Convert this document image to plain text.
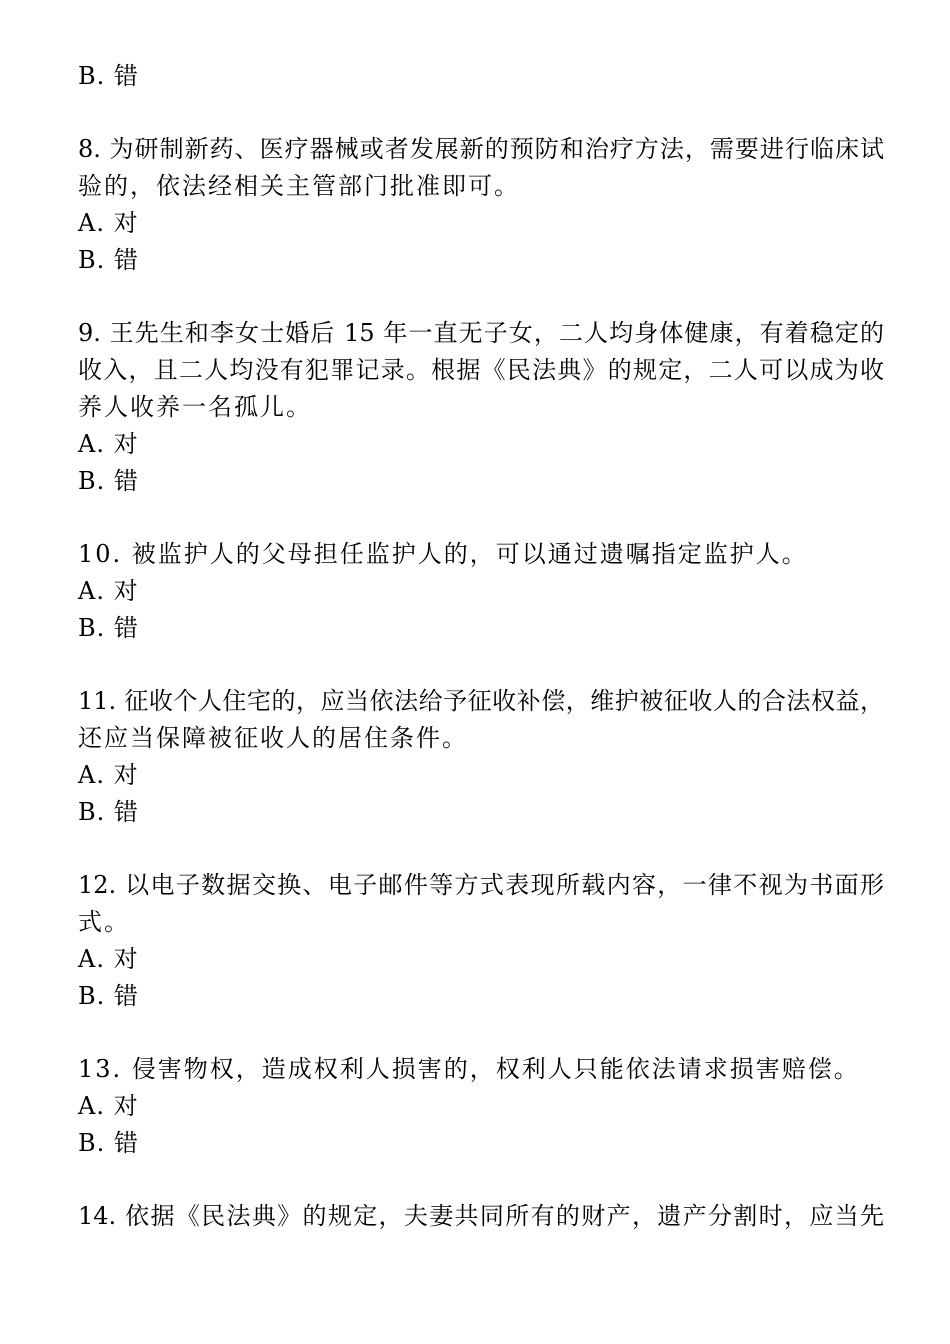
B. 错
8. 为研制新药、医疗器械或者发展新的预防和治疗方法，需要进行临床试
验的，依法经相关主管部门批准即可。
A. 对
B. 错
9. 王先生和李女士婚后 15 年一直无子女，二人均身体健康，有着稳定的
收入，且二人均没有犯罪记录。根据《民法典》的规定，二人可以成为收
养人收养一名孤儿。
A. 对
B. 错
10. 被监护人的父母担任监护人的，可以通过遗嘱指定监护人。
A. 对
B. 错
11. 征收个人住宅的，应当依法给予征收补偿，维护被征收人的合法权益，
还应当保障被征收人的居住条件。
A. 对
B. 错
12. 以电子数据交换、电子邮件等方式表现所载内容，一律不视为书面形
式。
A. 对
B. 错
13. 侵害物权，造成权利人损害的，权利人只能依法请求损害赔偿。
A. 对
B. 错
14. 依据《民法典》的规定，夫妻共同所有的财产，遗产分割时，应当先
